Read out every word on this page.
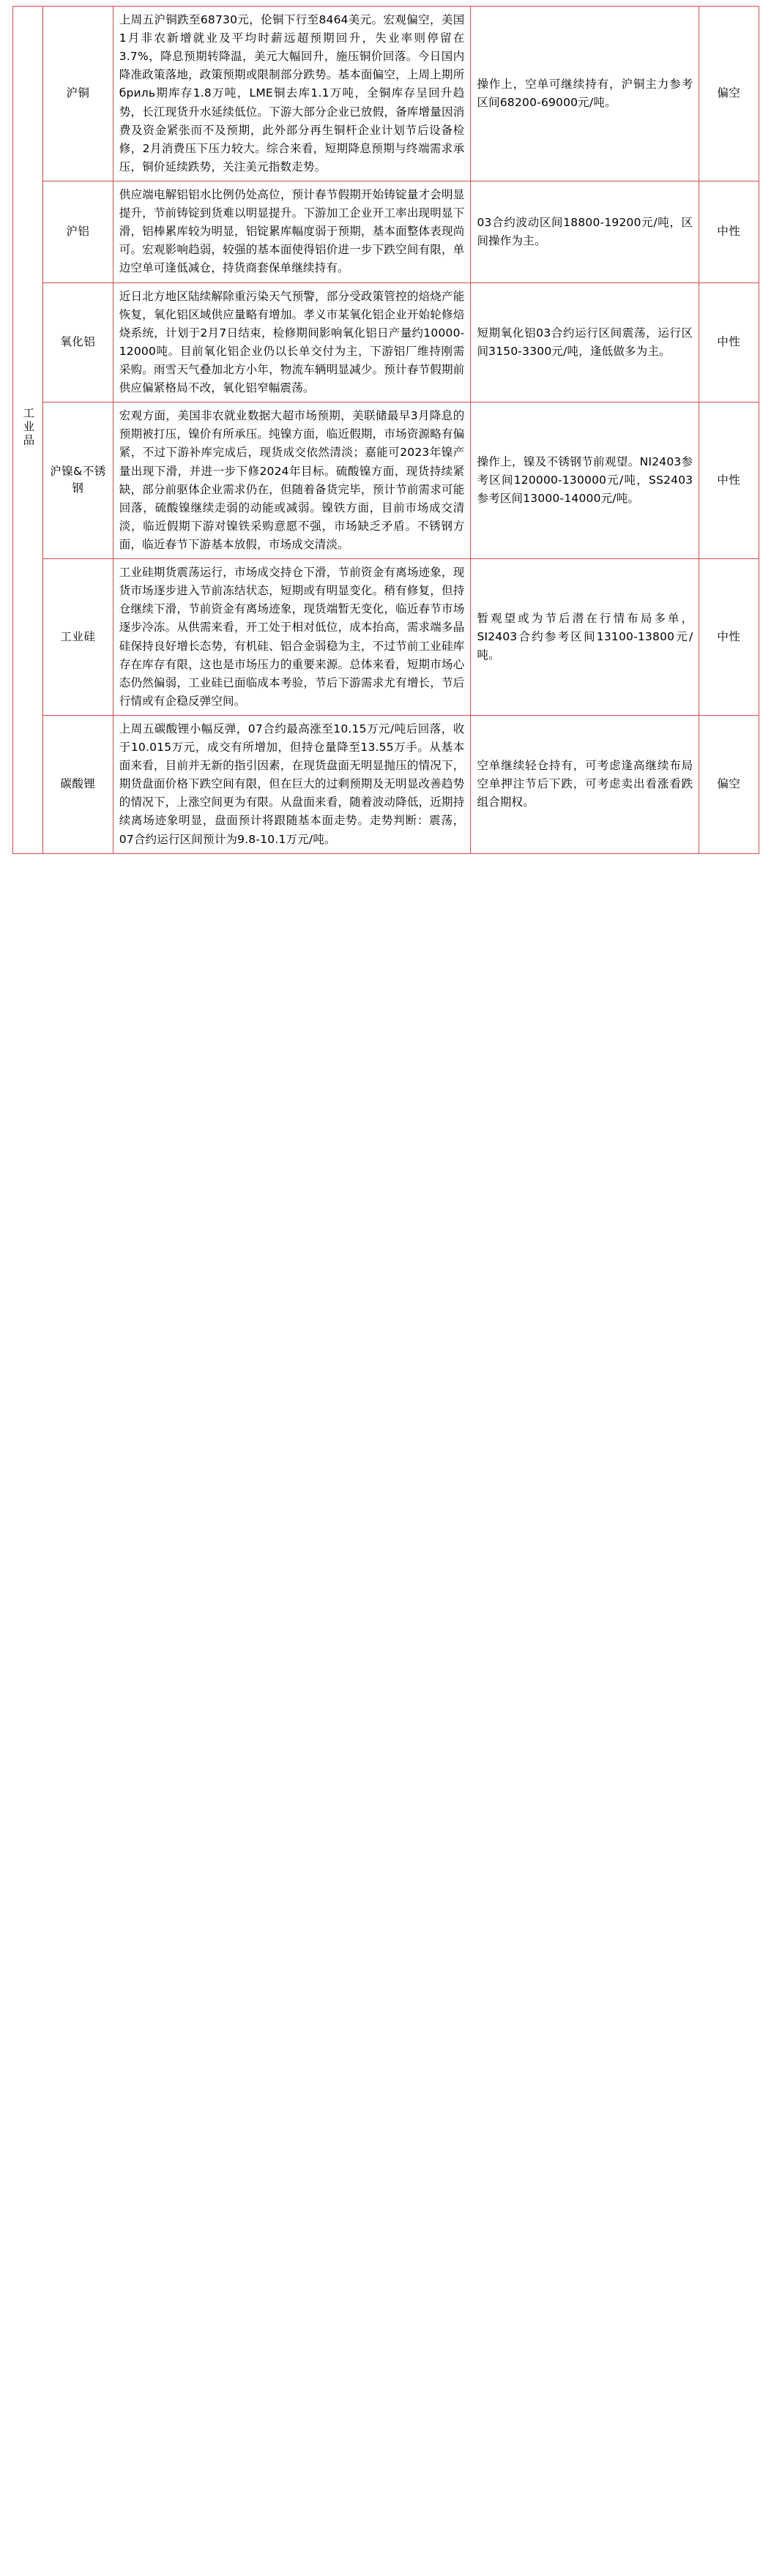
工业品	沪铜	上周五沪铜跌至68730元，伦铜下行至8464美元。宏观偏空，美国1月非农新增就业及平均时薪远超预期回升，失业率则停留在3.7%，降息预期转降温，美元大幅回升，施压铜价回落。今日国内降准政策落地，政策预期或限制部分跌势。基本面偏空，上周上期所бриль期库存1.8万吨，LME铜去库1.1万吨，全铜库存呈回升趋势，长江现货升水延续低位。下游大部分企业已放假，备库增量因消费及资金紧张而不及预期，此外部分再生铜杆企业计划节后设备检修，2月消费压下压力较大。综合来看，短期降息预期与终端需求承压，铜价延续跌势，关注美元指数走势。	操作上，空单可继续持有，沪铜主力参考区间68200-69000元/吨。	偏空
	沪铝	供应端电解铝铝水比例仍处高位，预计春节假期开始铸锭量才会明显提升，节前铸锭到货难以明显提升。下游加工企业开工率出现明显下滑，铝棒累库较为明显，铝锭累库幅度弱于预期，基本面整体表现尚可。宏观影响趋弱，较强的基本面使得铝价进一步下跌空间有限，单边空单可逢低减仓，持货商套保单继续持有。	03合约波动区间18800-19200元/吨，区间操作为主。	中性
	氧化铝	近日北方地区陆续解除重污染天气预警，部分受政策管控的焙烧产能恢复，氧化铝区域供应量略有增加。孝义市某氧化铝企业开始轮修焙烧系统，计划于2月7日结束，检修期间影响氧化铝日产量约10000-12000吨。目前氧化铝企业仍以长单交付为主，下游铝厂维持刚需采购。雨雪天气叠加北方小年，物流车辆明显减少。预计春节假期前供应偏紧格局不改，氧化铝窄幅震荡。	短期氧化铝03合约运行区间震荡，运行区间3150-3300元/吨，逢低做多为主。	中性
	沪镍&不锈钢	宏观方面，美国非农就业数据大超市场预期，美联储最早3月降息的预期被打压，镍价有所承压。纯镍方面，临近假期，市场资源略有偏紧，不过下游补库完成后，现货成交依然清淡；嘉能可2023年镍产量出现下滑，并进一步下修2024年目标。硫酸镍方面，现货持续紧缺，部分前驱体企业需求仍在，但随着备货完毕，预计节前需求可能回落，硫酸镍继续走弱的动能或减弱。镍铁方面，目前市场成交清淡，临近假期下游对镍铁采购意愿不强，市场缺乏矛盾。不锈钢方面，临近春节下游基本放假，市场成交清淡。	操作上，镍及不锈钢节前观望。NI2403参考区间120000-130000元/吨，SS2403参考区间13000-14000元/吨。	中性
	工业硅	工业硅期货震荡运行，市场成交持仓下滑，节前资金有离场迹象，现货市场逐步进入节前冻结状态，短期或有明显变化。稍有修复，但持仓继续下滑，节前资金有离场迹象，现货端暂无变化，临近春节市场逐步冷冻。从供需来看，开工处于相对低位，成本抬高，需求端多晶硅保持良好增长态势，有机硅、铝合金弱稳为主，不过节前工业硅库存在库存有限，这也是市场压力的重要来源。总体来看，短期市场心态仍然偏弱，工业硅已面临成本考验，节后下游需求尤有增长，节后行情或有企稳反弹空间。	暂观望或为节后潜在行情布局多单，SI2403合约参考区间13100-13800元/吨。	中性
	碳酸锂	上周五碳酸锂小幅反弹，07合约最高涨至10.15万元/吨后回落，收于10.015万元，成交有所增加，但持仓量降至13.55万手。从基本面来看，目前并无新的指引因素，在现货盘面无明显抛压的情况下，期货盘面价格下跌空间有限，但在巨大的过剩预期及无明显改善趋势的情况下，上涨空间更为有限。从盘面来看，随着波动降低，近期持续离场迹象明显，盘面预计将跟随基本面走势。走势判断：震荡，07合约运行区间预计为9.8-10.1万元/吨。	空单继续轻仓持有，可考虑逢高继续布局空单押注节后下跌，可考虑卖出看涨看跌组合期权。	偏空
